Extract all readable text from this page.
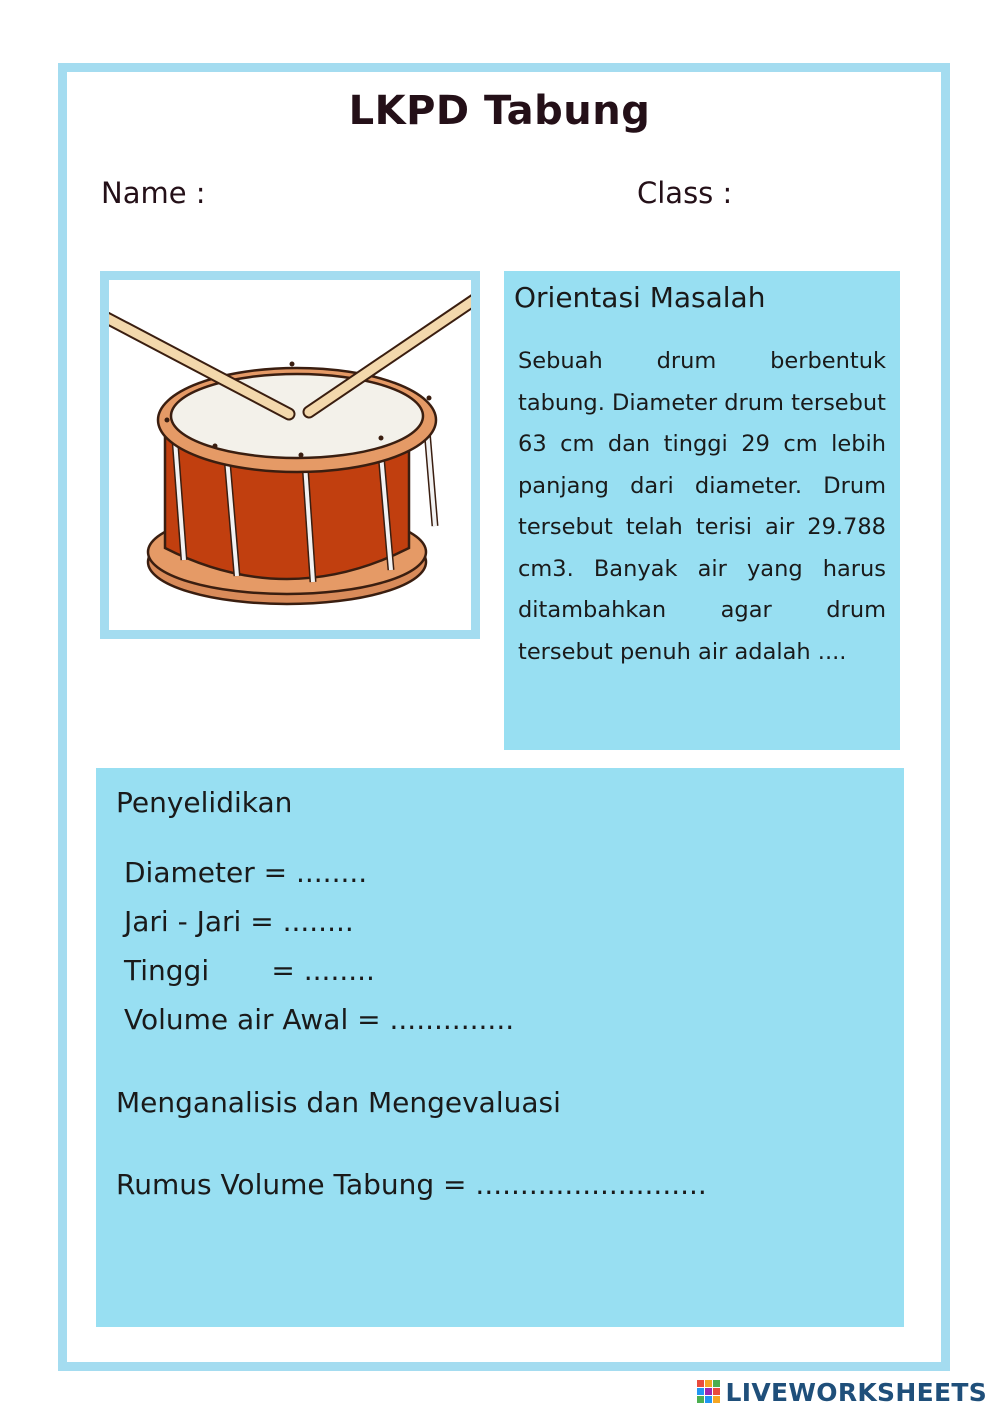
LKPD Tabung
Name :	Class :
Orientasi Masalah
Sebuah drum berbentuk tabung. Diameter drum tersebut 63 cm dan tinggi 29 cm lebih panjang dari diameter. Drum tersebut telah terisi air 29.788 cm3. Banyak air yang harus ditambahkan agar drum tersebut penuh air adalah ....
Penyelidikan
Diameter = ........
Jari - Jari = ........
Tinggi       = ........
Volume air Awal = ..............
Menganalisis dan Mengevaluasi
Rumus Volume Tabung = ..........................
LIVEWORKSHEETS
